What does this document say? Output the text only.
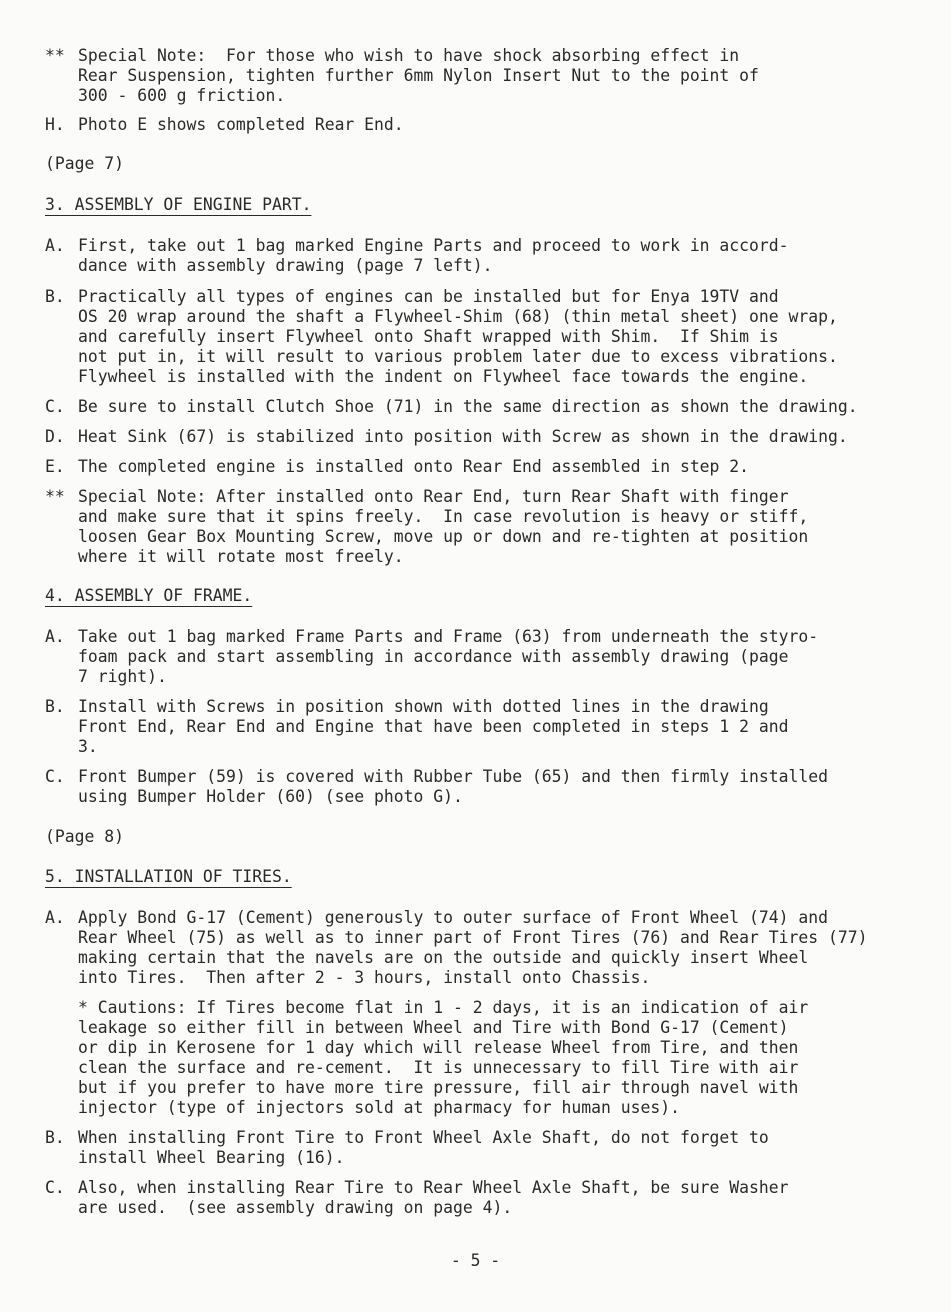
** Special Note:  For those who wish to have shock absorbing effect in
Rear Suspension, tighten further 6mm Nylon Insert Nut to the point of
300 - 600 g friction.
H. Photo E shows completed Rear End.
(Page 7)
3. ASSEMBLY OF ENGINE PART.
A. First, take out 1 bag marked Engine Parts and proceed to work in accord-
dance with assembly drawing (page 7 left).
B. Practically all types of engines can be installed but for Enya 19TV and
OS 20 wrap around the shaft a Flywheel-Shim (68) (thin metal sheet) one wrap,
and carefully insert Flywheel onto Shaft wrapped with Shim.  If Shim is
not put in, it will result to various problem later due to excess vibrations.
Flywheel is installed with the indent on Flywheel face towards the engine.
C. Be sure to install Clutch Shoe (71) in the same direction as shown the drawing.
D. Heat Sink (67) is stabilized into position with Screw as shown in the drawing.
E. The completed engine is installed onto Rear End assembled in step 2.
** Special Note: After installed onto Rear End, turn Rear Shaft with finger
and make sure that it spins freely.  In case revolution is heavy or stiff,
loosen Gear Box Mounting Screw, move up or down and re-tighten at position
where it will rotate most freely.
4. ASSEMBLY OF FRAME.
A. Take out 1 bag marked Frame Parts and Frame (63) from underneath the styro-
foam pack and start assembling in accordance with assembly drawing (page
7 right).
B. Install with Screws in position shown with dotted lines in the drawing
Front End, Rear End and Engine that have been completed in steps 1 2 and
3.
C. Front Bumper (59) is covered with Rubber Tube (65) and then firmly installed
using Bumper Holder (60) (see photo G).
(Page 8)
5. INSTALLATION OF TIRES.
A. Apply Bond G-17 (Cement) generously to outer surface of Front Wheel (74) and
Rear Wheel (75) as well as to inner part of Front Tires (76) and Rear Tires (77)
making certain that the navels are on the outside and quickly insert Wheel
into Tires.  Then after 2 - 3 hours, install onto Chassis.
* Cautions: If Tires become flat in 1 - 2 days, it is an indication of air
leakage so either fill in between Wheel and Tire with Bond G-17 (Cement)
or dip in Kerosene for 1 day which will release Wheel from Tire, and then
clean the surface and re-cement.  It is unnecessary to fill Tire with air
but if you prefer to have more tire pressure, fill air through navel with
injector (type of injectors sold at pharmacy for human uses).
B. When installing Front Tire to Front Wheel Axle Shaft, do not forget to
install Wheel Bearing (16).
C. Also, when installing Rear Tire to Rear Wheel Axle Shaft, be sure Washer
are used.  (see assembly drawing on page 4).
- 5 -
